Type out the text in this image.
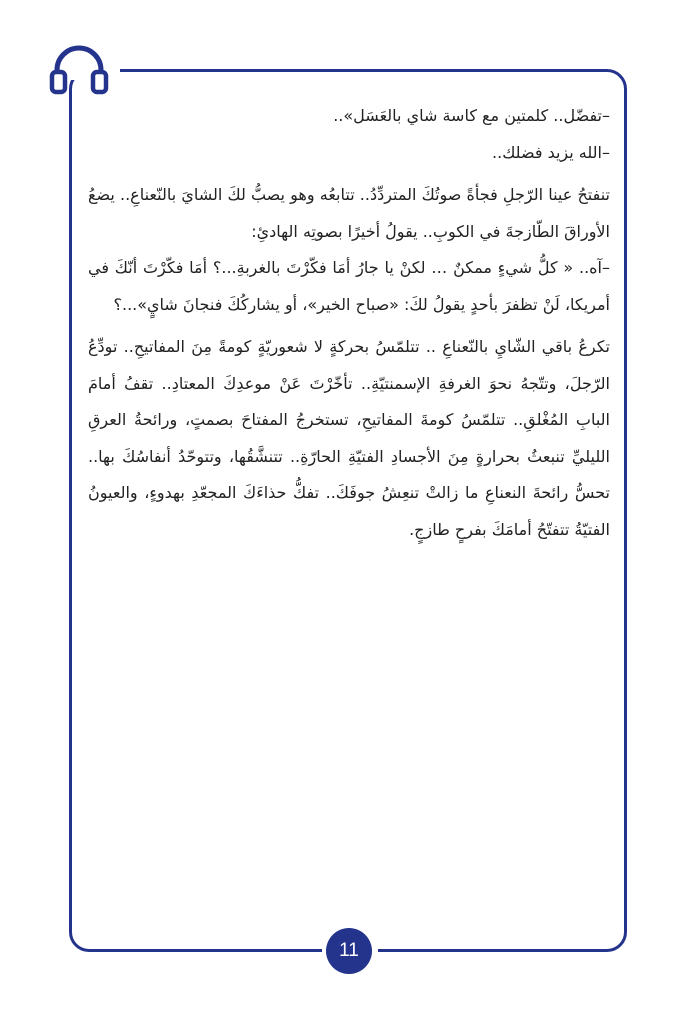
–تفضّل.. كلمتين مع كاسة شاي بالعَسَل»..

–الله يزيد فضلك..

تنفتحُ عينا الرّجلِ فجأةً صوتُكَ المتردِّدُ.. تتابعُه وهو يصبُّ لكَ الشايَ بالنّعناعِ.. يضعُ الأوراقَ الطّازجةَ في الكوبِ.. يقولُ أخيرًا بصوتِه الهادئِ:

–آه.. « كلُّ شيءٍ ممكنٌ … لكنْ يا جارُ أمَا فكّرْتَ بالغربةِ...؟ أمَا فكّرْتَ أنّكَ في أمريكا، لَنْ تظفرَ بأحدٍ يقولُ لكَ: «صباح الخير»، أو يشاركُكَ فنجانَ شايٍ»...؟

تكرعُ باقي الشّايِ بالنّعناعِ .. تتلمّسُ بحركةٍ لا شعوريّةٍ كومةً مِنَ المفاتيحِ.. تودِّعُ الرّجلَ، وتتّجهُ نحوَ الغرفةِ الإسمنتيّةِ.. تأخّرْتَ عَنْ موعدِكَ المعتادِ.. تقفُ أمامَ البابِ المُغْلقِ.. تتلمّسُ كومةَ المفاتيحِ، تستخرجُ المفتاحَ بصمتٍ، ورائحةُ العرقِ الليليِّ تنبعثُ بحرارةٍ مِنَ الأجسادِ الفتيّةِ الحارّةِ.. تتنشَّقُها، وتتوحّدُ أنفاسُكَ بها.. تحسُّ رائحةَ النعناعِ ما زالتْ تنعِشُ جوفَكَ.. تفكُّ حذاءَكَ المجعّدِ بهدوءٍ، والعيونُ الفتيّةُ تتفتّحُ أمامَكَ بفرحٍ طازجٍ.

11
